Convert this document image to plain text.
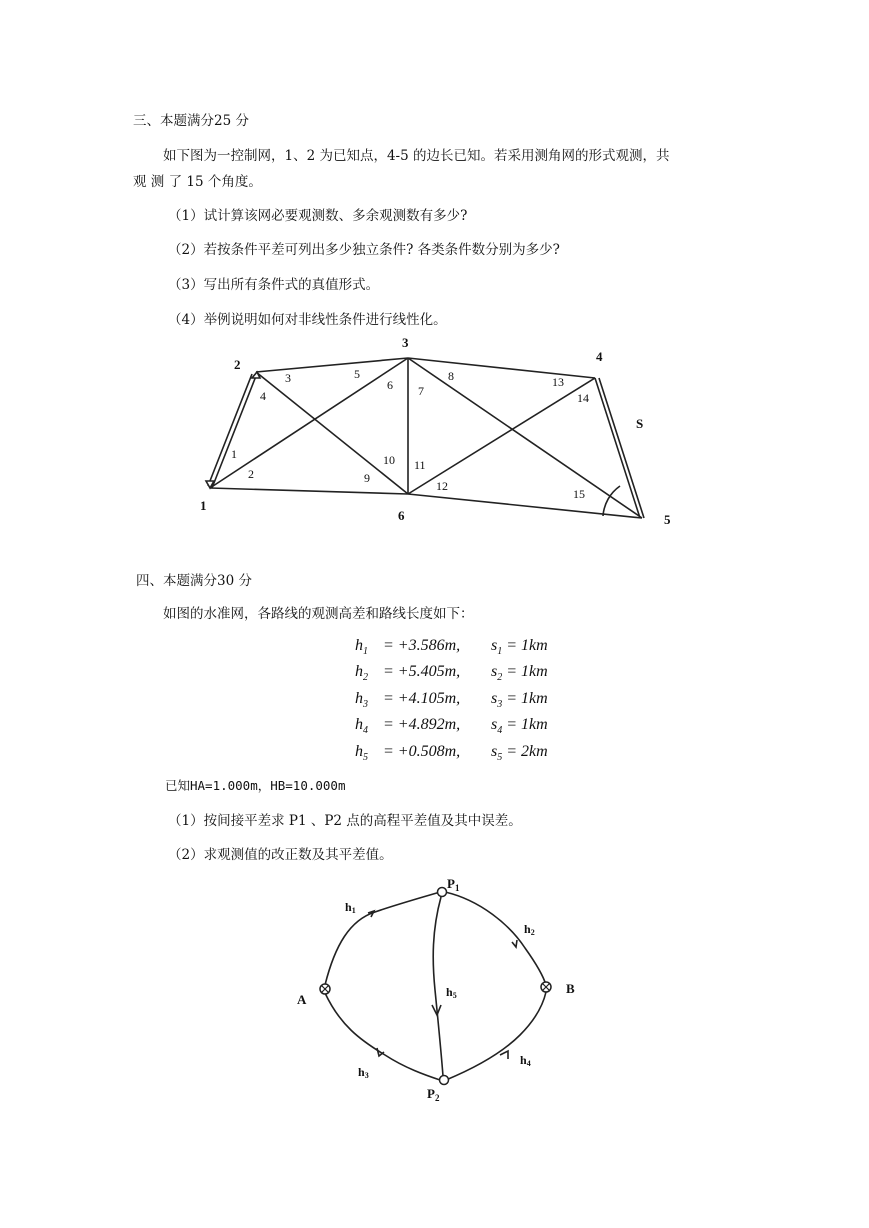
三、本题满分25 分
如下图为一控制网，1、2 为已知点，4-5 的边长已知。若采用测角网的形式观测，共
观 测 了 15 个角度。
（1）试计算该网必要观测数、多余观测数有多少?
（2）若按条件平差可列出多少独立条件? 各类条件数分别为多少?
（3）写出所有条件式的真值形式。
（4）举例说明如何对非线性条件进行线性化。
1
2
3
4
5
6
S
1
2
3
4
5
6 7
8
9
10 11
12
13
14
15
四、本题满分30 分
如图的水准网，各路线的观测高差和路线长度如下：
$h_1 = +3.586m$, $s_1 = 1km$
$h_2 = +5.405m$, $s_2 = 1km$
$h_3 = +4.105m$, $s_3 = 1km$
$h_4 = +4.892m$, $s_4 = 1km$
$h_5 = +0.508m$, $s_5 = 2km$
已知HA=1.000m，HB=10.000m
（1）按间接平差求 P1 、P2 点的高程平差值及其中误差。
（2）求观测值的改正数及其平差值。
A
B
$P_1$
$P_2$
h1
h2
h3
h4
h5
